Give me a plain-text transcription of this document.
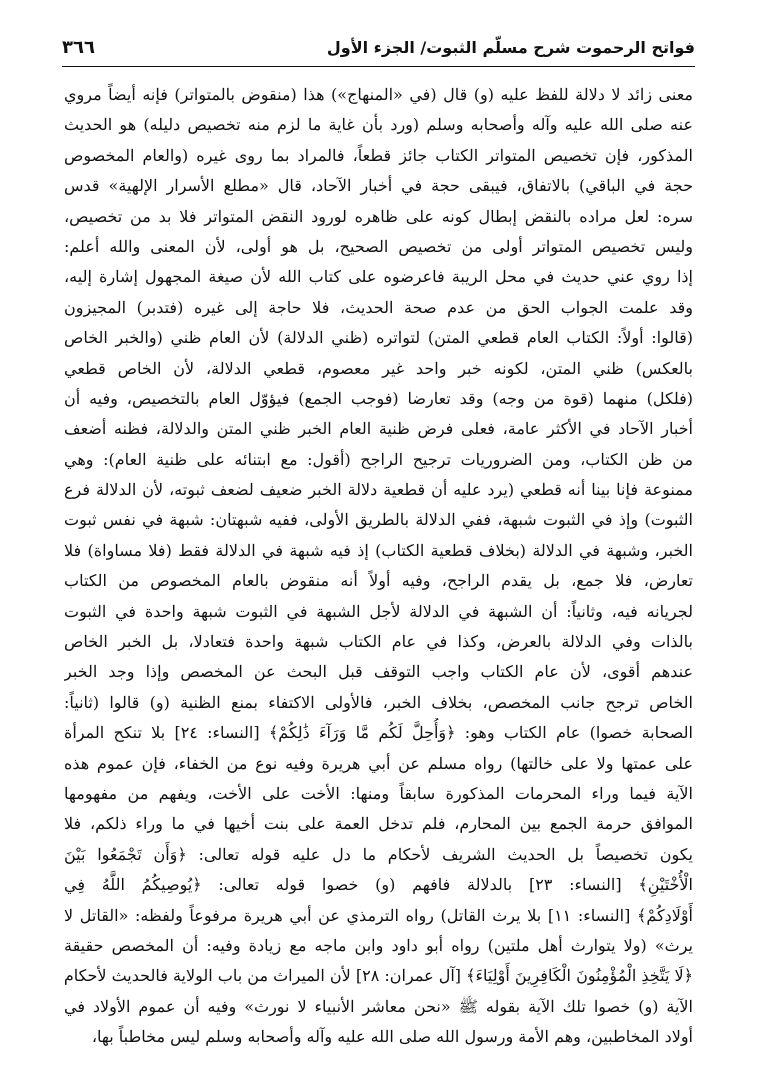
فواتح الرحموت شرح مسلّم الثبوت/ الجزء الأول
٣٦٦
معنى زائد لا دلالة للفظ عليه (و) قال (في «المنهاج») هذا (منقوض بالمتواتر) فإنه أيضاً مروي
عنه صلى الله عليه وآله وأصحابه وسلم (ورد بأن غاية ما لزم منه تخصيص دليله) هو الحديث
المذكور، فإن تخصيص المتواتر الكتاب جائز قطعاً، فالمراد بما روى غيره (والعام المخصوص
حجة في الباقي) بالاتفاق، فيبقى حجة في أخبار الآحاد، قال «مطلع الأسرار الإلهية» قدس
سره: لعل مراده بالنقض إبطال كونه على ظاهره لورود النقض المتواتر فلا بد من تخصيص،
وليس تخصيص المتواتر أولى من تخصيص الصحيح، بل هو أولى، لأن المعنى والله أعلم:
إذا روي عني حديث في محل الريبة فاعرضوه على كتاب الله لأن صيغة المجهول إشارة إليه،
وقد علمت الجواب الحق من عدم صحة الحديث، فلا حاجة إلى غيره (فتدبر) المجيزون
(قالوا: أولاً: الكتاب العام قطعي المتن) لتواتره (ظني الدلالة) لأن العام ظني (والخبر الخاص
بالعكس) ظني المتن، لكونه خبر واحد غير معصوم، قطعي الدلالة، لأن الخاص قطعي
(فلكل) منهما (قوة من وجه) وقد تعارضا (فوجب الجمع) فيؤوّل العام بالتخصيص، وفيه أن
أخبار الآحاد في الأكثر عامة، فعلى فرض ظنية العام الخبر ظني المتن والدلالة، فظنه أضعف
من ظن الكتاب، ومن الضروريات ترجيح الراجح (أقول: مع ابتنائه على ظنية العام): وهي
ممنوعة فإنا بينا أنه قطعي (يرد عليه أن قطعية دلالة الخبر ضعيف لضعف ثبوته، لأن الدلالة فرع
الثبوت) وإذ في الثبوت شبهة، ففي الدلالة بالطريق الأولى، ففيه شبهتان: شبهة في نفس ثبوت
الخبر، وشبهة في الدلالة (بخلاف قطعية الكتاب) إذ فيه شبهة في الدلالة فقط (فلا مساواة) فلا
تعارض، فلا جمع، بل يقدم الراجح، وفيه أولاً أنه منقوض بالعام المخصوص من الكتاب
لجريانه فيه، وثانياً: أن الشبهة في الدلالة لأجل الشبهة في الثبوت شبهة واحدة في الثبوت
بالذات وفي الدلالة بالعرض، وكذا في عام الكتاب شبهة واحدة فتعادلا، بل الخبر الخاص
عندهم أقوى، لأن عام الكتاب واجب التوقف قبل البحث عن المخصص وإذا وجد الخبر
الخاص ترجح جانب المخصص، بخلاف الخبر، فالأولى الاكتفاء بمنع الظنية (و) قالوا (ثانياً:
الصحابة خصوا) عام الكتاب وهو: ﴿وَأُحِلَّ لَكُم مَّا وَرَآءَ ذَٰلِكُمْ﴾ [النساء: ٢٤] بلا تنكح المرأة
على عمتها ولا على خالتها) رواه مسلم عن أبي هريرة وفيه نوع من الخفاء، فإن عموم هذه
الآية فيما وراء المحرمات المذكورة سابقاً ومنها: الأخت على الأخت، ويفهم من مفهومها
الموافق حرمة الجمع بين المحارم، فلم تدخل العمة على بنت أخيها في ما وراء ذلكم، فلا
يكون تخصيصاً بل الحديث الشريف لأحكام ما دل عليه قوله تعالى: ﴿وَأَن تَجْمَعُوا بَيْنَ
الْأُخْتَيْنِ﴾ [النساء: ٢٣] بالدلالة فافهم (و) خصوا قوله تعالى: ﴿يُوصِيكُمُ اللَّهُ فِي
أَوْلَادِكُمْ﴾ [النساء: ١١] بلا يرث القاتل) رواه الترمذي عن أبي هريرة مرفوعاً ولفظه: «القاتل لا
يرث» (ولا يتوارث أهل ملتين) رواه أبو داود وابن ماجه مع زيادة وفيه: أن المخصص حقيقة
﴿لَا يَتَّخِذِ الْمُؤْمِنُونَ الْكَافِرِينَ أَوْلِيَاءَ﴾ [آل عمران: ٢٨] لأن الميراث من باب الولاية فالحديث لأحكام
الآية (و) خصوا تلك الآية بقوله ﷺ «نحن معاشر الأنبياء لا نورث» وفيه أن عموم الأولاد في
أولاد المخاطبين، وهم الأمة ورسول الله صلى الله عليه وآله وأصحابه وسلم ليس مخاطباً بها،
